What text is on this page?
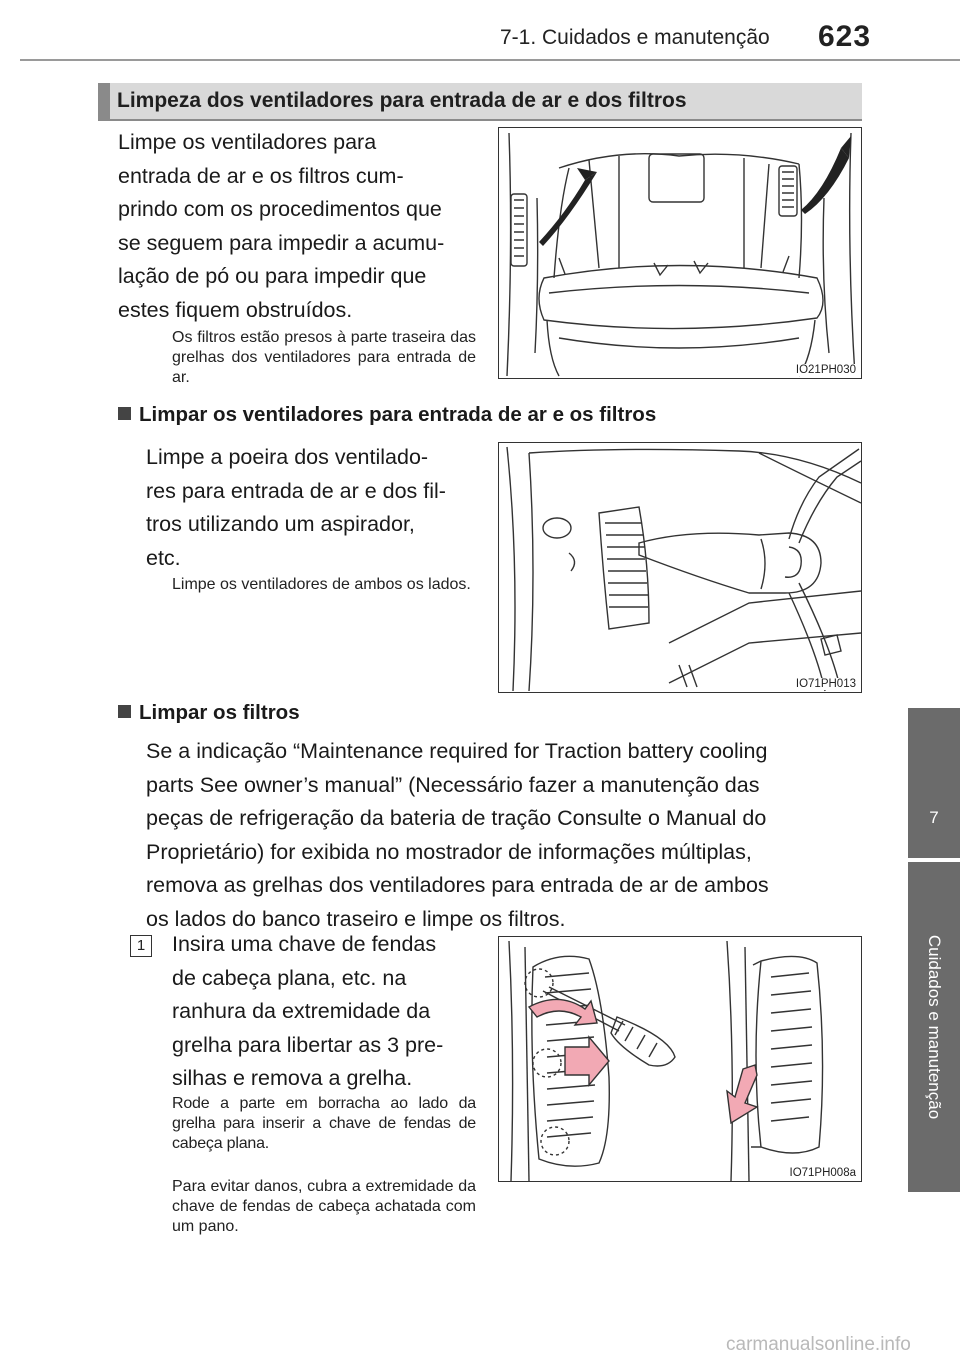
7-1. Cuidados e manutenção 623
7
Cuidados e manutenção
Limpeza dos ventiladores para entrada de ar e dos filtros
Limpe os ventiladores para
entrada de ar e os filtros cum-
prindo com os procedimentos que
se seguem para impedir a acumu-
lação de pó ou para impedir que
estes fiquem obstruídos.
Os filtros estão presos à parte traseira das grelhas dos ventiladores para entrada de ar.	IO21PH030
Limpar os ventiladores para entrada de ar e os filtros
Limpe a poeira dos ventilado-
res para entrada de ar e dos fil-
tros utilizando um aspirador,
etc.
Limpe os ventiladores de ambos os lados.
IO71PH013
Limpar os filtros
Se a indicação “Maintenance required for Traction battery cooling
parts See owner’s manual” (Necessário fazer a manutenção das
peças de refrigeração da bateria de tração Consulte o Manual do
Proprietário) for exibida no mostrador de informações múltiplas,
remova as grelhas dos ventiladores para entrada de ar de ambos
os lados do banco traseiro e limpe os filtros.
1	Insira uma chave de fendas
de cabeça plana, etc. na
ranhura da extremidade da
grelha para libertar as 3 pre-
silhas e remova a grelha.
Rode a parte em borracha ao lado da grelha para inserir a chave de fendas de cabeça plana.
Para evitar danos, cubra a extremidade da chave de fendas de cabeça achatada com um pano.
IO71PH008a
carmanualsonline.info
